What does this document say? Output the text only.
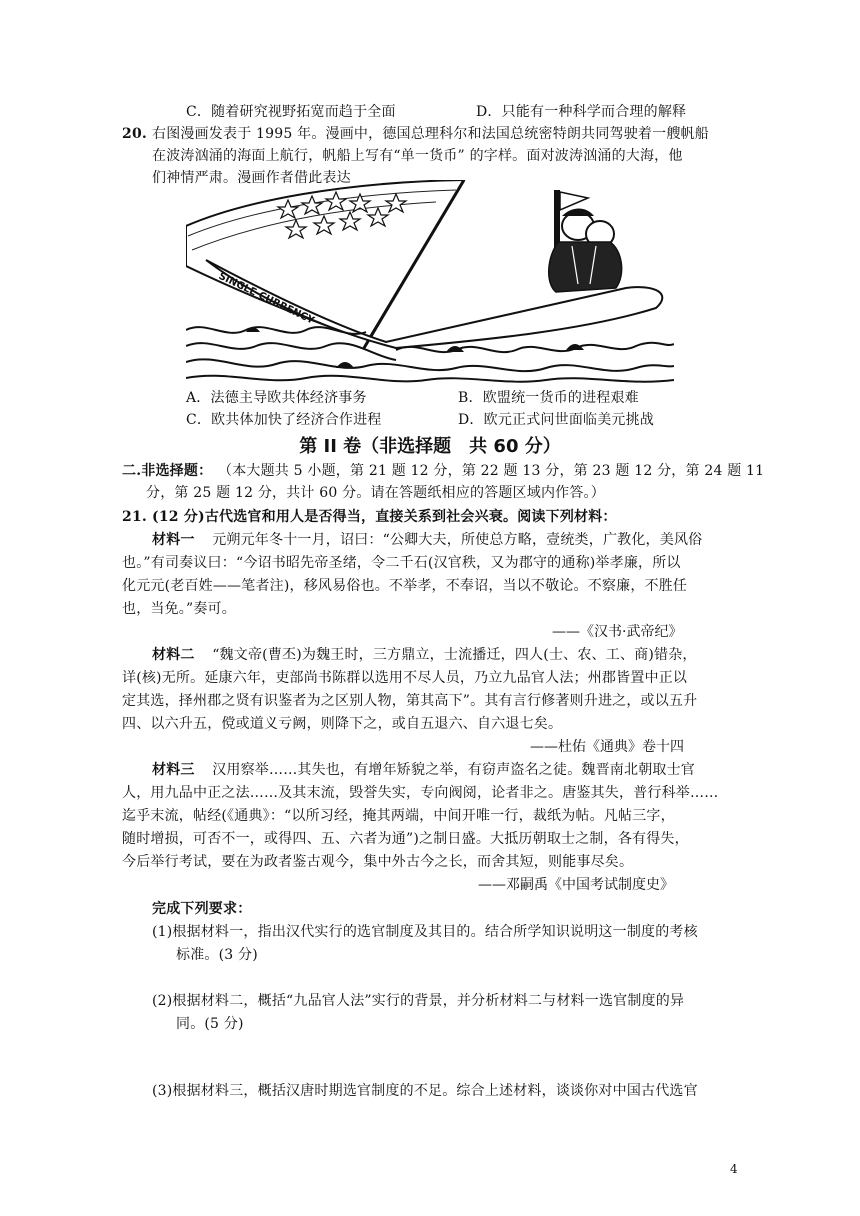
C．随着研究视野拓宽而趋于全面	D．只能有一种科学而合理的解释
20. 右图漫画发表于 1995 年。漫画中，德国总理科尔和法国总统密特朗共同驾驶着一艘帆船
在波涛汹涌的海面上航行，帆船上写有“单一货币” 的字样。面对波涛汹涌的大海，他
们神情严肃。漫画作者借此表达
SINGLE CURRENCY
A．法德主导欧共体经济事务	B．欧盟统一货币的进程艰难
C．欧共体加快了经济合作进程	D．欧元正式问世面临美元挑战
第 II 卷（非选择题　共 60 分）
二.非选择题： （本大题共 5 小题，第 21 题 12 分，第 22 题 13 分，第 23 题 12 分，第 24 题 11
分，第 25 题 12 分，共计 60 分。请在答题纸相应的答题区域内作答。）
21. (12 分)古代选官和用人是否得当，直接关系到社会兴衰。阅读下列材料：
材料一 　元朔元年冬十一月，诏曰：“公卿大夫，所使总方略，壹统类，广教化，美风俗
也。”有司奏议曰：“今诏书昭先帝圣绪，令二千石(汉官秩，又为郡守的通称)举孝廉，所以
化元元(老百姓——笔者注)，移风易俗也。不举孝，不奉诏，当以不敬论。不察廉，不胜任
也，当免。”奏可。
——《汉书·武帝纪》
材料二 　“魏文帝(曹丕)为魏王时，三方鼎立，士流播迁，四人(士、农、工、商)错杂，
详(核)无所。延康六年，吏部尚书陈群以选用不尽人员，乃立九品官人法；州郡皆置中正以
定其选，择州郡之贤有识鉴者为之区别人物，第其高下”。其有言行修著则升进之，或以五升
四、以六升五，傥或道义亏阙，则降下之，或自五退六、自六退七矣。
——杜佑《通典》卷十四
材料三 　汉用察举……其失也，有增年矫貌之举，有窃声盗名之徒。魏晋南北朝取士官
人，用九品中正之法……及其末流，毁誉失实，专向阀阅，论者非之。唐鉴其失，普行科举……
迄乎末流，帖经(《通典》：“以所习经，掩其两端，中间开唯一行，裁纸为帖。凡帖三字，
随时增损，可否不一，或得四、五、六者为通”)之制日盛。大抵历朝取士之制，各有得失，
今后举行考试，要在为政者鉴古观今，集中外古今之长，而舍其短，则能事尽矣。
——邓嗣禹《中国考试制度史》
完成下列要求：
(1)根据材料一，指出汉代实行的选官制度及其目的。结合所学知识说明这一制度的考核
标准。(3 分)
(2)根据材料二，概括“九品官人法”实行的背景，并分析材料二与材料一选官制度的异
同。(5 分)
(3)根据材料三，概括汉唐时期选官制度的不足。综合上述材料，谈谈你对中国古代选官
4
